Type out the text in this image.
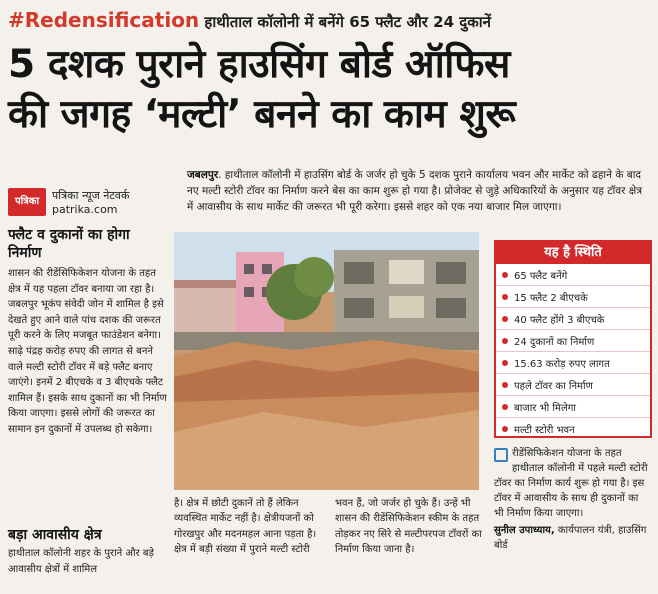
#Redensification हाथीताल कॉलोनी में बनेंगे 65 फ्लैट और 24 दुकानें
5 दशक पुराने हाउसिंग बोर्ड ऑफिस
की जगह ‘मल्टी’ बनने का काम शुरू
पत्रिका	पत्रिका न्यूज नेटवर्क
patrika.com
जबलपुर. हाथीताल कॉलोनी में हाउसिंग बोर्ड के जर्जर हो चुके 5 दशक पुराने कार्यालय भवन और मार्केट को ढहाने के बाद नए मल्टी स्टोरी टॉवर का निर्माण करने बेस का काम शुरू हो गया है। प्रोजेक्ट से जुड़े अधिकारियों के अनुसार यह टॉवर क्षेत्र में आवासीय के साथ मार्केट की जरूरत भी पूरी करेगा। इससे शहर को एक नया बाजार मिल जाएगा।
फ्लैट व दुकानों का होगा निर्माण
शासन की रीडेंसिफिकेशन योजना के तहत क्षेत्र में यह पहला टॉवर बनाया जा रहा है। जबलपुर भूकंप संवेदी जोन में शामिल है इसे देखते हुए आने वाले पांच दशक की जरूरत पूरी करने के लिए मजबूत फाउंडेशन बनेगा। साढ़े पंद्रह करोड़ रुपए की लागत से बनने वाले मल्टी स्टोरी टॉवर में बड़े फ्लैट बनाए जाएंगे। इनमें 2 बीएचके व 3 बीएचके फ्लैट शामिल हैं। इसके साथ दुकानों का भी निर्माण किया जाएगा। इससे लोगों की जरूरत का सामान इन दुकानों में उपलब्ध हो सकेगा।
बड़ा आवासीय क्षेत्र
हाथीताल कॉलोनी शहर के पुराने और बड़े आवासीय क्षेत्रों में शामिल
यह है स्थिति
65 फ्लैट बनेंगे
15 फ्लैट 2 बीएचके
40 फ्लैट होंगे 3 बीएचके
24 दुकानों का निर्माण
15.63 करोड़ रुपए लागत
पहले टॉवर का निर्माण
बाजार भी मिलेगा
मल्टी स्टोरी भवन
रीडेंसिफिकेशन योजना के तहत हाथीताल कॉलोनी में पहले मल्टी स्टोरी टॉवर का निर्माण कार्य शुरू हो गया है। इस टॉवर में आवासीय के साथ ही दुकानों का भी निर्माण किया जाएगा।
सुनील उपाध्याय, कार्यपालन यंत्री, हाउसिंग बोर्ड
है। क्षेत्र में छोटी दुकानें तो हैं लेकिन व्यवस्थित मार्केट नहीं है। क्षेत्रीयजनों को गोरखपुर और मदनमहल आना पड़ता है। क्षेत्र में बड़ी संख्या में पुराने मल्टी स्टोरी
भवन हैं, जो जर्जर हो चुके हैं। उन्हें भी शासन की रीडेंसिफिकेशन स्कीम के तहत तोड़कर नए सिरे से मल्टीपरपज टॉवरों का निर्माण किया जाना है।
